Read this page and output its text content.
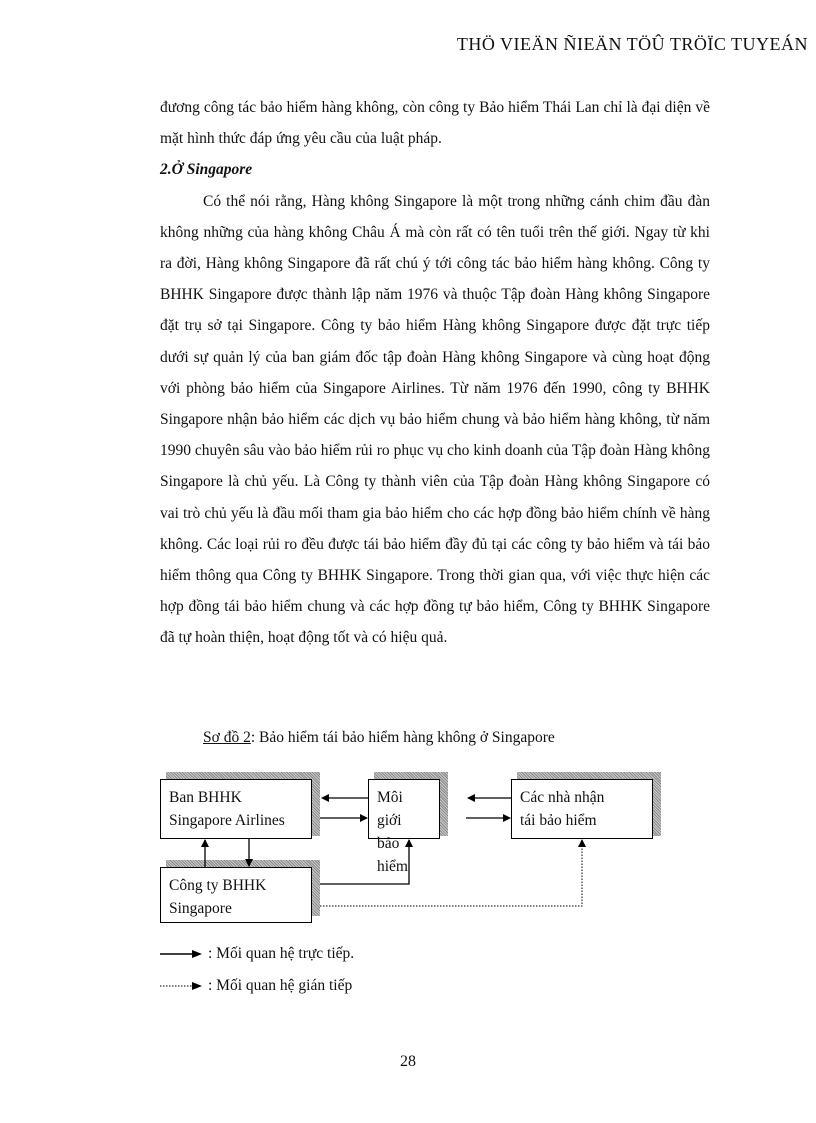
THÖ VIEÄN ÑIEÄN TÖÛ TRÖÏC TUYEÁN

đương công tác bảo hiểm hàng không, còn công ty Bảo hiểm Thái Lan chỉ là đại diện về mặt hình thức đáp ứng yêu cầu của luật pháp.

2.Ở Singapore

Có thể nói rằng, Hàng không Singapore là một trong những cánh chim đầu đàn không những của hàng không Châu Á mà còn rất có tên tuổi trên thế giới. Ngay từ khi ra đời, Hàng không Singapore đã rất chú ý tới công tác bảo hiểm hàng không. Công ty BHHK Singapore được thành lập năm 1976 và thuộc Tập đoàn Hàng không Singapore đặt trụ sở tại Singapore. Công ty bảo hiểm Hàng không Singapore được đặt trực tiếp dưới sự quản lý của ban giám đốc tập đoàn Hàng không Singapore và cùng hoạt động với phòng bảo hiểm của Singapore Airlines. Từ năm 1976 đến 1990, công ty BHHK Singapore nhận bảo hiểm các dịch vụ bảo hiểm chung và bảo hiểm hàng không, từ năm 1990 chuyên sâu vào bảo hiểm rủi ro phục vụ cho kinh doanh của Tập đoàn Hàng không Singapore là chủ yếu. Là Công ty thành viên của Tập đoàn Hàng không Singapore có vai trò chủ yếu là đầu mối tham gia bảo hiểm cho các hợp đồng bảo hiểm chính về hàng không. Các loại rủi ro đều được tái bảo hiểm đầy đủ tại các công ty bảo hiểm và tái bảo hiểm thông qua Công ty BHHK Singapore. Trong thời gian qua, với việc thực hiện các hợp đồng tái bảo hiểm chung và các hợp đồng tự bảo hiểm, Công ty BHHK Singapore đã tự hoàn thiện, hoạt động tốt và có hiệu quả.

Sơ đồ 2: Bảo hiểm tái bảo hiểm hàng không ở Singapore
Ban BHHK
Singapore Airlines
Môi giới
bảo hiểm
Các nhà nhận
tái bảo hiểm
Công ty BHHK
Singapore
: Mối quan hệ trực tiếp.
: Mối quan hệ gián tiếp
28
